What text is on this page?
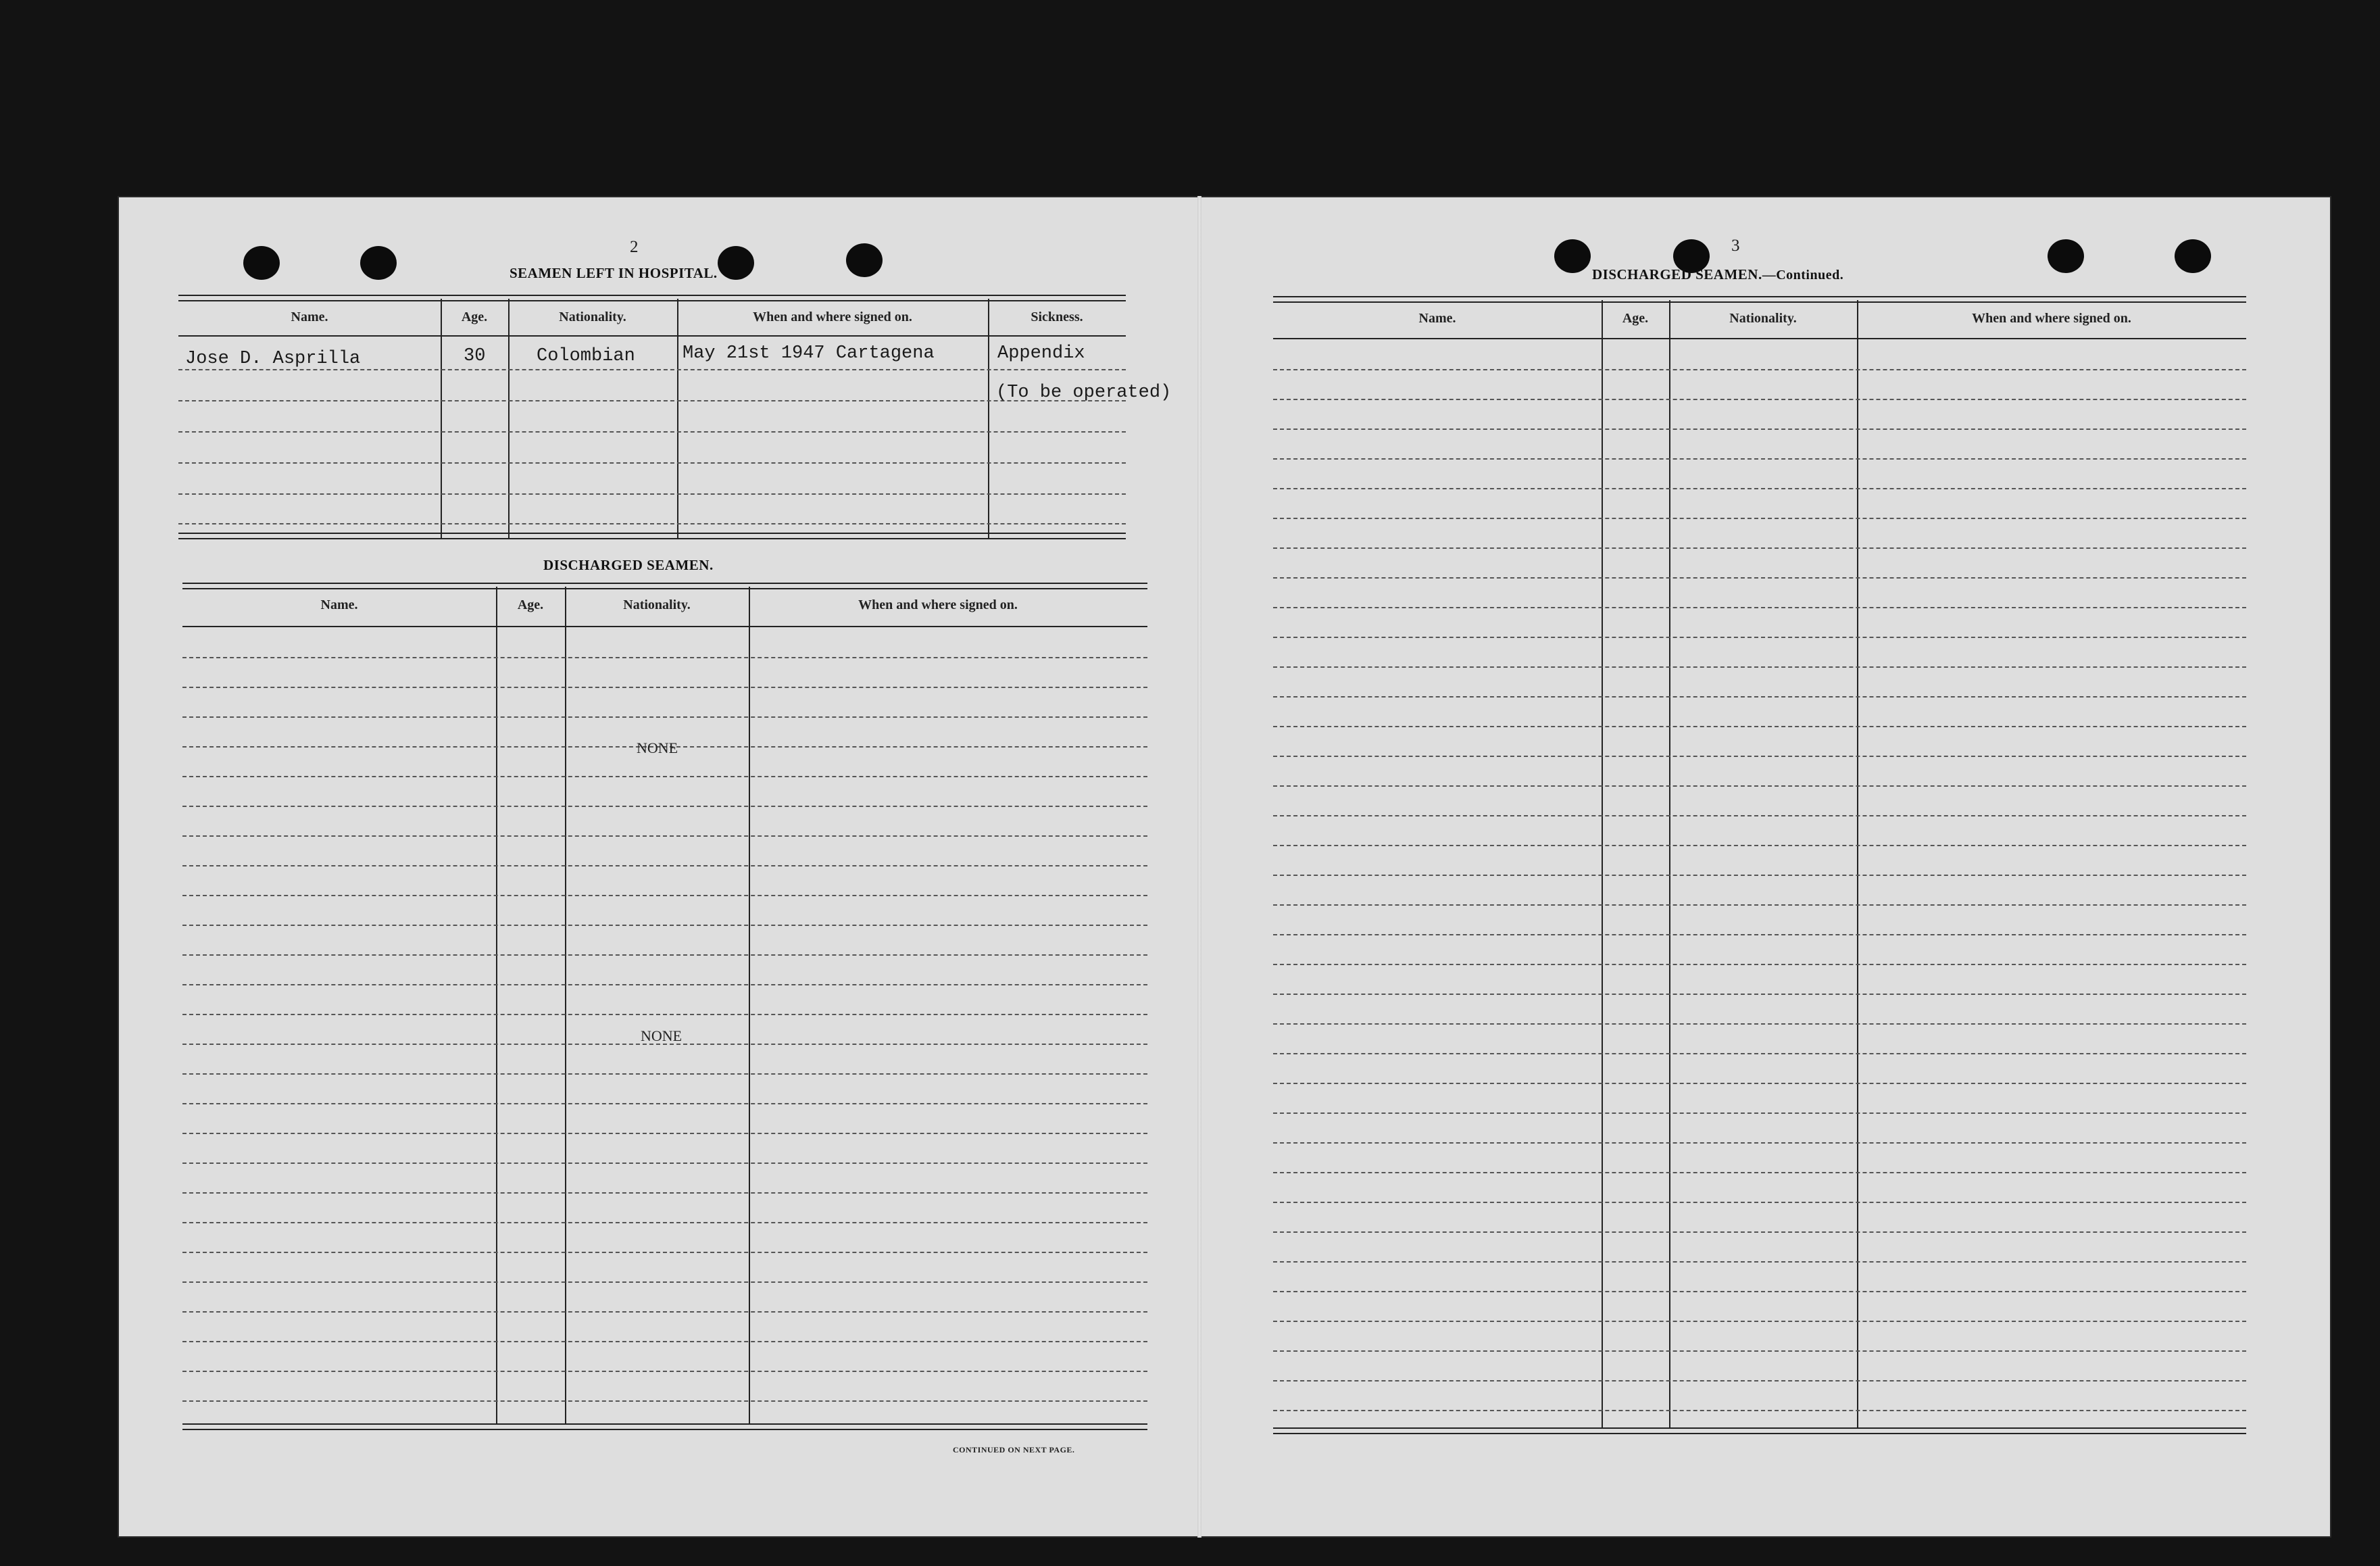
2
SEAMEN LEFT IN HOSPITAL.
Name.	Age.	Nationality.	When and where signed on.	Sickness.
Jose D. Asprilla	30	Colombian	May 21st 1947 Cartagena	Appendix
(To be operated)
DISCHARGED SEAMEN.
Name.	Age.	Nationality.	When and where signed on.
NONE
NONE
CONTINUED ON NEXT PAGE.
3
DISCHARGED SEAMEN.—Continued.
Name.	Age.	Nationality.	When and where signed on.
